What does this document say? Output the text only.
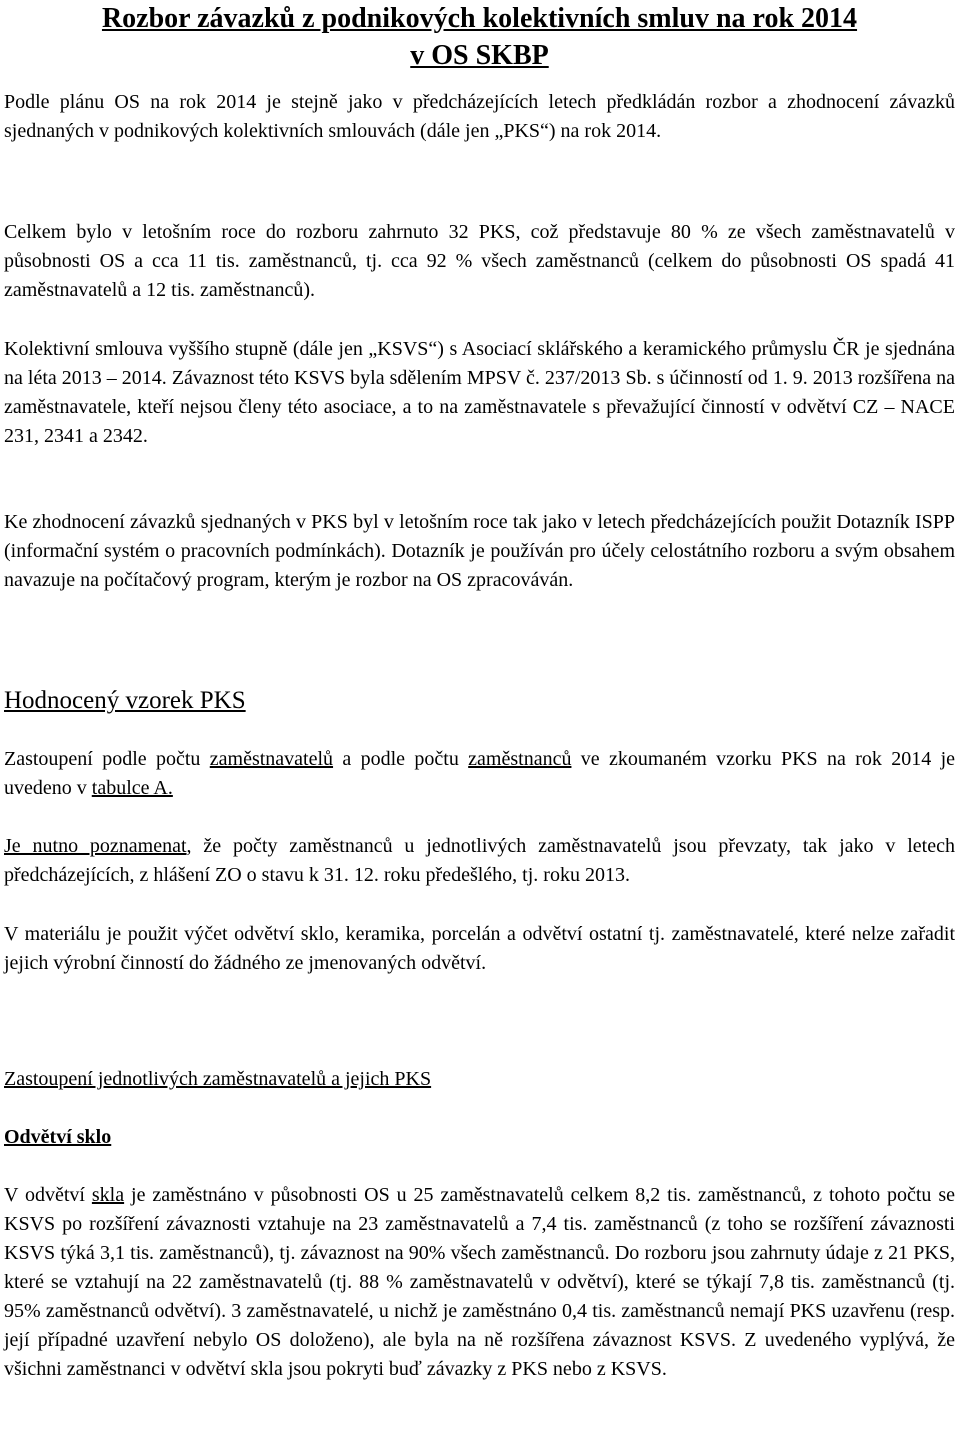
Rozbor závazků z podnikových kolektivních smluv na rok 2014
v OS SKBP

Podle plánu OS na rok 2014 je stejně jako v předcházejících letech předkládán rozbor a zhodnocení závazků sjednaných v podnikových kolektivních smlouvách (dále jen „PKS“) na rok 2014.

Celkem bylo v letošním roce do rozboru zahrnuto 32 PKS, což představuje 80 % ze všech zaměstnavatelů v působnosti OS a cca 11 tis. zaměstnanců, tj. cca 92 % všech zaměstnanců (celkem do působnosti OS spadá 41 zaměstnavatelů a 12 tis. zaměstnanců).

Kolektivní smlouva vyššího stupně (dále jen „KSVS“) s Asociací sklářského a keramického průmyslu ČR je sjednána na léta 2013 – 2014. Závaznost této KSVS byla sdělením MPSV č. 237/2013 Sb. s účinností od 1. 9. 2013 rozšířena na zaměstnavatele, kteří nejsou členy této asociace, a to na zaměstnavatele s převažující činností v odvětví CZ – NACE 231, 2341 a 2342.

Ke zhodnocení závazků sjednaných v PKS byl v letošním roce tak jako v letech předcházejících použit Dotazník ISPP (informační systém o pracovních podmínkách). Dotazník je používán pro účely celostátního rozboru a svým obsahem navazuje na počítačový program, kterým je rozbor na OS zpracováván.

Hodnocený vzorek PKS

Zastoupení podle počtu zaměstnavatelů a podle počtu zaměstnanců ve zkoumaném vzorku PKS na rok 2014 je uvedeno v tabulce A.

Je nutno poznamenat, že počty zaměstnanců u jednotlivých zaměstnavatelů jsou převzaty, tak jako v letech předcházejících, z hlášení ZO o stavu k 31. 12. roku předešlého, tj. roku 2013.

V materiálu je použit výčet odvětví sklo, keramika, porcelán a odvětví ostatní tj. zaměstnavatelé, které nelze zařadit jejich výrobní činností do žádného ze jmenovaných odvětví.

Zastoupení jednotlivých zaměstnavatelů a jejich PKS
Odvětví sklo

V odvětví skla je zaměstnáno v působnosti OS u 25 zaměstnavatelů celkem 8,2 tis. zaměstnanců, z tohoto počtu se KSVS po rozšíření závaznosti vztahuje na 23 zaměstnavatelů a 7,4 tis. zaměstnanců (z toho se rozšíření závaznosti KSVS týká 3,1 tis. zaměstnanců), tj. závaznost na 90% všech zaměstnanců. Do rozboru jsou zahrnuty údaje z 21 PKS, které se vztahují na 22 zaměstnavatelů (tj. 88 % zaměstnavatelů v odvětví), které se týkají 7,8 tis. zaměstnanců (tj. 95% zaměstnanců odvětví). 3 zaměstnavatelé, u nichž je zaměstnáno 0,4 tis. zaměstnanců nemají PKS uzavřenu (resp. její případné uzavření nebylo OS doloženo), ale byla na ně rozšířena závaznost KSVS. Z uvedeného vyplývá, že všichni zaměstnanci v odvětví skla jsou pokryti buď závazky z PKS nebo z KSVS.
